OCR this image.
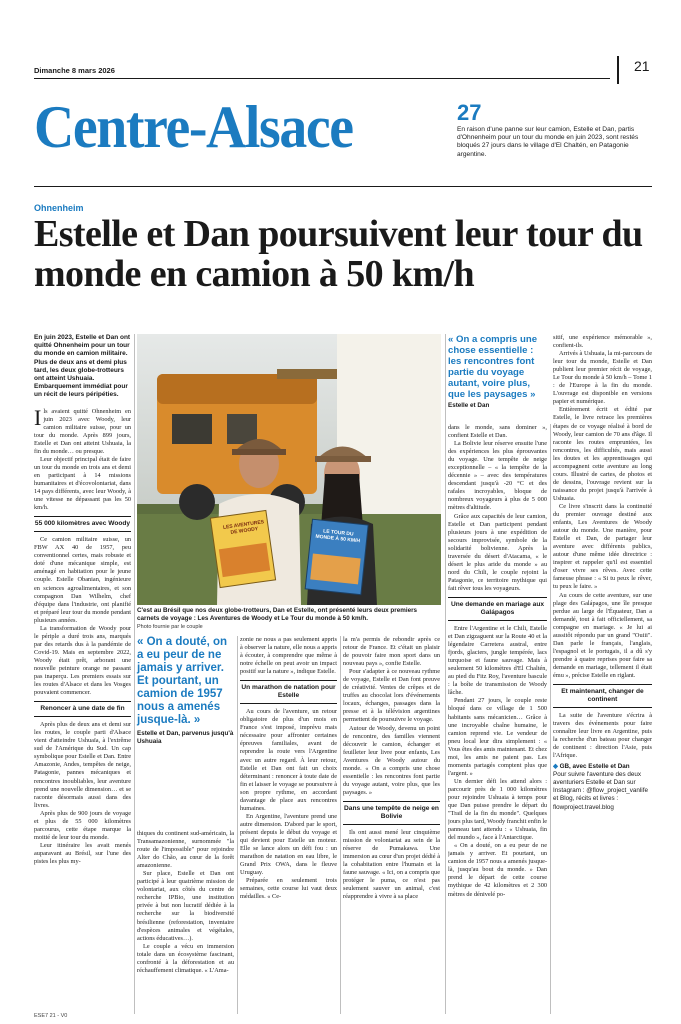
Dimanche 8 mars 2026	21
Centre-Alsace	27
En raison d'une panne sur leur camion, Estelle et Dan, partis d'Ohnenheim pour un tour du monde en juin 2023, sont restés bloqués 27 jours dans le village d'El Chaltén, en Patagonie argentine.
Ohnenheim
Estelle et Dan poursuivent leur tour du monde en camion à 50 km/h
LES AVENTURES DE WOODY	LE TOUR DU MONDE À 50 KM/H
C'est au Brésil que nos deux globe-trotteurs, Dan et Estelle, ont présenté leurs deux premiers carnets de voyage : Les Aventures de Woody et Le Tour du monde à 50 km/h.
Photo fournie par le couple

En juin 2023, Estelle et Dan ont quitté Ohnenheim pour un tour du monde en camion militaire. Plus de deux ans et demi plus tard, les deux globe-trotteurs ont atteint Ushuaia. Embarquement immédiat pour un récit de leurs péripéties.

Ils avaient quitté Ohnenheim en juin 2023 avec Woody, leur camion militaire suisse, pour un tour du monde. Après 899 jours, Estelle et Dan ont atteint Ushuaia, la fin du monde… ou presque.

Leur objectif principal était de faire un tour du monde en trois ans et demi en participant à 14 missions humanitaires et d'écovolontariat, dans 14 pays différents, avec leur Woody, à une vitesse ne dépassant pas les 50 km/h.

55 000 kilomètres avec Woody

Ce camion militaire suisse, un FBW AX 40 de 1957, peu conventionnel certes, mais robuste et doté d'une mécanique simple, est aménagé en habitation pour le jeune couple. Estelle Obanian, ingénieure en sciences agroalimentaires, et son compagnon Dan Wilhelm, chef d'équipe dans l'industrie, ont planifié et préparé leur tour du monde pendant plusieurs années.

La transformation de Woody pour le périple a duré trois ans, marqués par des retards dus à la pandémie de Covid-19. Mais en septembre 2022, Woody était prêt, arborant une nouvelle peinture orange ne passant pas inaperçu. Les premiers essais sur les routes d'Alsace et dans les Vosges pouvaient commencer.

Renoncer à une date de fin

Après plus de deux ans et demi sur les routes, le couple parti d'Alsace vient d'atteindre Ushuaïa, à l'extrême sud de l'Amérique du Sud. Un cap symbolique pour Estelle et Dan. Entre Amazonie, Andes, tempêtes de neige, Patagonie, pannes mécaniques et rencontres inoubliables, leur aventure prend une nouvelle dimension… et se raconte désormais aussi dans des livres.

Après plus de 900 jours de voyage et plus de 55 000 kilomètres parcourus, cette étape marque la moitié de leur tour du monde.

Leur itinéraire les avait menés auparavant au Brésil, sur l'une des pistes les plus my-

« On a douté, on a eu peur de ne jamais y arriver. Et pourtant, un camion de 1957 nous a amenés jusque-là. »
Estelle et Dan, parvenus jusqu'à Ushuaia

thiques du continent sud-américain, la Transamazonienne, surnommée "la route de l'impossible" pour rejoindre Alter do Chão, au cœur de la forêt amazonienne.

Sur place, Estelle et Dan ont participé à leur quatrième mission de volontariat, aux côtés du centre de recherche IPBio, une institution privée à but non lucratif dédiée à la recherche sur la biodiversité brésilienne (reforestation, inventaire d'espèces animales et végétales, actions éducatives…).

Le couple a vécu en immersion totale dans un écosystème fascinant, confronté à la déforestation et au réchauffement climatique. « L'Ama-

zonie ne nous a pas seulement appris à observer la nature, elle nous a appris à écouter, à comprendre que même à notre échelle on peut avoir un impact positif sur la nature », indique Estelle.

Un marathon de natation pour Estelle

Au cours de l'aventure, un retour obligatoire de plus d'un mois en France s'est imposé, imprévu mais nécessaire pour affronter certaines épreuves familiales, avant de reprendre la route vers l'Argentine avec un autre regard. À leur retour, Estelle et Dan ont fait un choix déterminant : renoncer à toute date de fin et laisser le voyage se poursuivre à son propre rythme, en accordant davantage de place aux rencontres humaines.

En Argentine, l'aventure prend une autre dimension. D'abord par le sport, présent depuis le début du voyage et qui devient pour Estelle un moteur. Elle se lance alors un défi fou : un marathon de natation en eau libre, le Grand Prix OWA, dans le fleuve Uruguay.

Préparée en seulement trois semaines, cette course lui vaut deux médailles. « Ce-

la m'a permis de rebondir après ce retour de France. Et c'était un plaisir de pouvoir faire mon sport dans un nouveau pays », confie Estelle.

Pour s'adapter à ce nouveau rythme de voyage, Estelle et Dan font preuve de créativité. Ventes de crêpes et de truffes au chocolat lors d'événements locaux, échanges, passages dans la presse et à la télévision argentines permettent de poursuivre le voyage.

Autour de Woody, devenu un point de rencontre, des familles viennent découvrir le camion, échanger et feuilleter leur livre pour enfants, Les Aventures de Woody autour du monde. « On a compris une chose essentielle : les rencontres font partie du voyage autant, voire plus, que les paysages. »

Dans une tempête de neige en Bolivie

Ils ont aussi mené leur cinquième mission de volontariat au sein de la réserve de Pumakawa. Une immersion au cœur d'un projet dédié à la cohabitation entre l'humain et la faune sauvage. « Ici, on a compris que protéger le puma, ce n'est pas seulement sauver un animal, c'est réapprendre à vivre à sa place

« On a compris une chose essentielle : les rencontres font partie du voyage autant, voire plus, que les paysages »
Estelle et Dan

dans le monde, sans dominer », confient Estelle et Dan.

La Bolivie leur réserve ensuite l'une des expériences les plus éprouvantes du voyage. Une tempête de neige exceptionnelle – « la tempête de la décennie » – avec des températures descendant jusqu'à -20 °C et des rafales incroyables, bloque de nombreux voyageurs à plus de 5 000 mètres d'altitude.

Grâce aux capacités de leur camion, Estelle et Dan participent pendant plusieurs jours à une expédition de secours improvisée, symbole de la solidarité bolivienne. Après la traversée du désert d'Atacama, « le désert le plus aride du monde » au nord du Chili, le couple rejoint la Patagonie, ce territoire mythique qui fait rêver tous les voyageurs.

Une demande en mariage aux Galápagos

Entre l'Argentine et le Chili, Estelle et Dan zigzaguent sur la Route 40 et la légendaire Carretera austral, entre fjords, glaciers, jungle tempérée, lacs turquoise et faune sauvage. Mais à seulement 50 kilomètres d'El Chaltén, au pied du Fitz Roy, l'aventure bascule : la boîte de transmission de Woody lâche.

Pendant 27 jours, le couple reste bloqué dans ce village de 1 500 habitants sans mécanicien… Grâce à une incroyable chaîne humaine, le camion reprend vie. Le vendeur de pneu local leur dira simplement : « Vous êtes des amis maintenant. Et chez moi, les amis ne paient pas. Les moments partagés comptent plus que l'argent. »

Un dernier défi les attend alors : parcourir près de 1 000 kilomètres pour rejoindre Ushuaia à temps pour que Dan puisse prendre le départ du "Trail de la fin du monde". Quelques jours plus tard, Woody franchit enfin le panneau tant attendu : « Ushuaia, fin del mundo », face à l'Antarctique.

« On a douté, on a eu peur de ne jamais y arriver. Et pourtant, un camion de 1957 nous a amenés jusque-là, jusqu'au bout du monde. » Dan prend le départ de cette course mythique de 42 kilomètres et 2 300 mètres de dénivelé po-

sitif, une expérience mémorable », confient-ils.

Arrivés à Ushuaia, la mi-parcours de leur tour du monde, Estelle et Dan publient leur premier récit de voyage, Le Tour du monde à 50 km/h – Tome 1 : de l'Europe à la fin du monde. L'ouvrage est disponible en versions papier et numérique.

Entièrement écrit et édité par Estelle, le livre retrace les premières étapes de ce voyage réalisé à bord de Woody, leur camion de 70 ans d'âge. Il raconte les routes empruntées, les rencontres, les difficultés, mais aussi les doutes et les apprentissages qui accompagnent cette aventure au long cours. Illustré de cartes, de photos et de dessins, l'ouvrage revient sur la naissance du projet jusqu'à l'arrivée à Ushuaia.

Ce livre s'inscrit dans la continuité du premier ouvrage destiné aux enfants, Les Aventures de Woody autour du monde. Une manière, pour Estelle et Dan, de partager leur aventure avec différents publics, autour d'une même idée directrice : inspirer et rappeler qu'il est essentiel d'oser vivre ses rêves. Avec cette fameuse phrase : « Si tu peux le rêver, tu peux le faire. »

Au cours de cette aventure, sur une plage des Galápagos, une île presque perdue au large de l'Équateur, Dan a demandé, tout à fait officiellement, sa compagne en mariage. « Je lui ai aussitôt répondu par un grand "Ouiii". Dan parle le français, l'anglais, l'espagnol et le portugais, il a dû s'y prendre à quatre reprises pour faire sa demande en mariage, tellement il était ému », précise Estelle en riglant.

Et maintenant, changer de continent

La suite de l'aventure s'écrira à travers des événements pour faire connaître leur livre en Argentine, puis la recherche d'un bateau pour changer de continent : direction l'Asie, puis l'Afrique.

◆ GB, avec Estelle et Dan

Pour suivre l'aventure des deux aventuriers Estelle et Dan sur Instagram : @flow_project_vanlife et Blog, récits et livres : flowproject.travel.blog

ESE7 21 - V0
